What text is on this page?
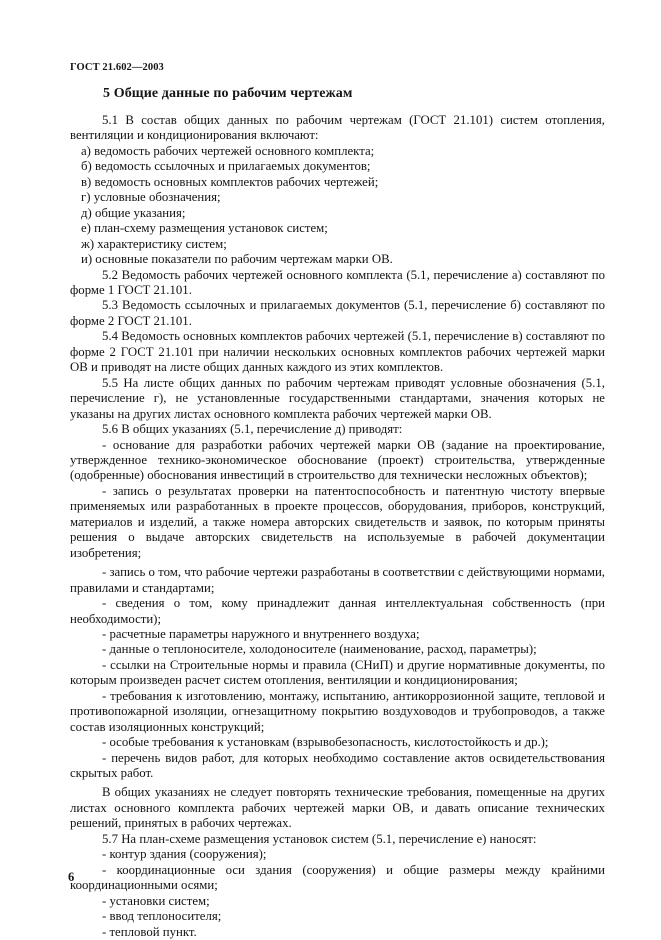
ГОСТ 21.602—2003
5 Общие данные по рабочим чертежам

5.1 В состав общих данных по рабочим чертежам (ГОСТ 21.101) систем отопления, вентиляции и кондиционирования включают:

а) ведомость рабочих чертежей основного комплекта;
б) ведомость ссылочных и прилагаемых документов;
в) ведомость основных комплектов рабочих чертежей;
г) условные обозначения;
д) общие указания;
е) план-схему размещения установок систем;
ж) характеристику систем;
и) основные показатели по рабочим чертежам марки ОВ.

5.2 Ведомость рабочих чертежей основного комплекта (5.1, перечисление а) составляют по форме 1 ГОСТ 21.101.

5.3 Ведомость ссылочных и прилагаемых документов (5.1, перечисление б) составляют по форме 2 ГОСТ 21.101.

5.4 Ведомость основных комплектов рабочих чертежей (5.1, перечисление в) составляют по форме 2 ГОСТ 21.101 при наличии нескольких основных комплектов рабочих чертежей марки ОВ и приводят на листе общих данных каждого из этих комплектов.

5.5 На листе общих данных по рабочим чертежам приводят условные обозначения (5.1, перечисление г), не установленные государственными стандартами, значения которых не указаны на других листах основного комплекта рабочих чертежей марки ОВ.

5.6 В общих указаниях (5.1, перечисление д) приводят:

- основание для разработки рабочих чертежей марки ОВ (задание на проектирование, утвержденное технико-экономическое обоснование (проект) строительства, утвержденные (одобренные) обоснования инвестиций в строительство для технически несложных объектов);

- запись о результатах проверки на патентоспособность и патентную чистоту впервые применяемых или разработанных в проекте процессов, оборудования, приборов, конструкций, материалов и изделий, а также номера авторских свидетельств и заявок, по которым приняты решения о выдаче авторских свидетельств на используемые в рабочей документации изобретения;

- запись о том, что рабочие чертежи разработаны в соответствии с действующими нормами, правилами и стандартами;

- сведения о том, кому принадлежит данная интеллектуальная собственность (при необходимости);

- расчетные параметры наружного и внутреннего воздуха;

- данные о теплоносителе, холодоносителе (наименование, расход, параметры);

- ссылки на Строительные нормы и правила (СНиП) и другие нормативные документы, по которым произведен расчет систем отопления, вентиляции и кондиционирования;

- требования к изготовлению, монтажу, испытанию, антикоррозионной защите, тепловой и противопожарной изоляции, огнезащитному покрытию воздуховодов и трубопроводов, а также состав изоляционных конструкций;

- особые требования к установкам (взрывобезопасность, кислотостойкость и др.);

- перечень видов работ, для которых необходимо составление актов освидетельствования скрытых работ.

В общих указаниях не следует повторять технические требования, помещенные на других листах основного комплекта рабочих чертежей марки ОВ, и давать описание технических решений, принятых в рабочих чертежах.

5.7 На план-схеме размещения установок систем (5.1, перечисление е) наносят:

- контур здания (сооружения);

- координационные оси здания (сооружения) и общие размеры между крайними координационными осями;

- установки систем;

- ввод теплоносителя;

- тепловой пункт.

6
